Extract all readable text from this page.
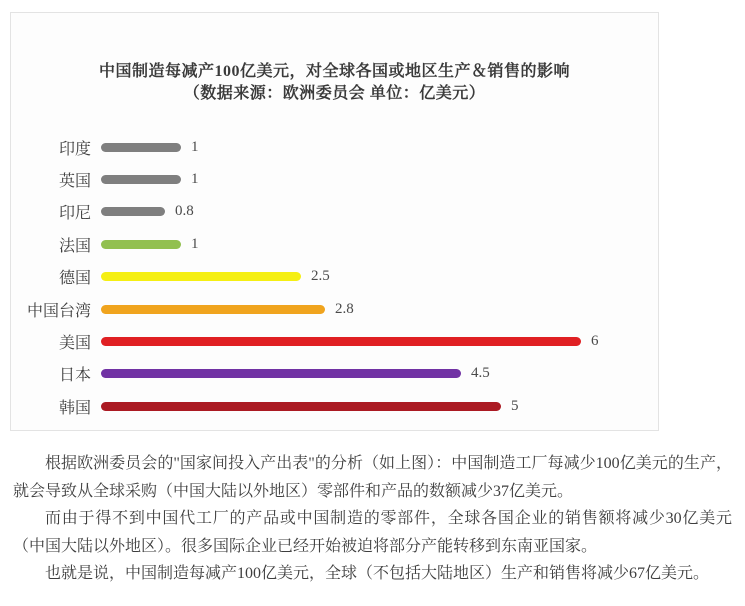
中国制造每减产100亿美元，对全球各国或地区生产＆销售的影响
（数据来源：欧洲委员会 单位：亿美元）
印度	1
英国	1
印尼	0.8
法国	1
德国	2.5
中国台湾	2.8
美国	6
日本	4.5
韩国	5

根据欧洲委员会的"国家间投入产出表"的分析（如上图）：中国制造工厂每减少100亿美元的生产，就会导致从全球采购（中国大陆以外地区）零部件和产品的数额减少37亿美元。

而由于得不到中国代工厂的产品或中国制造的零部件，全球各国企业的销售额将减少30亿美元（中国大陆以外地区）。很多国际企业已经开始被迫将部分产能转移到东南亚国家。

也就是说，中国制造每减产100亿美元，全球（不包括大陆地区）生产和销售将减少67亿美元。
